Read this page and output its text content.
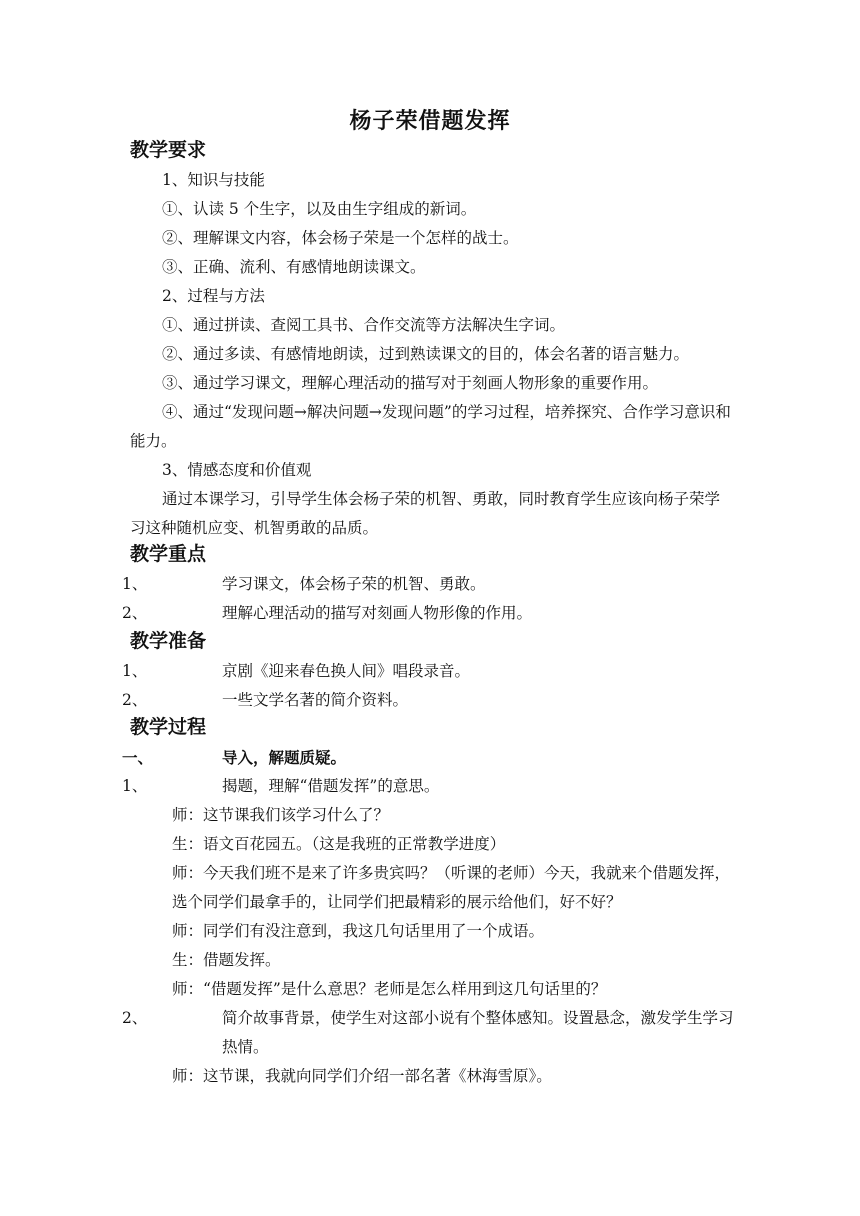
杨子荣借题发挥
教学要求
1、知识与技能
①、认读 5 个生字，以及由生字组成的新词。
②、理解课文内容，体会杨子荣是一个怎样的战士。
③、正确、流利、有感情地朗读课文。
2、过程与方法
①、通过拼读、查阅工具书、合作交流等方法解决生字词。
②、通过多读、有感情地朗读，过到熟读课文的目的，体会名著的语言魅力。
③、通过学习课文，理解心理活动的描写对于刻画人物形象的重要作用。
④、通过“发现问题→解决问题→发现问题”的学习过程，培养探究、合作学习意识和能力。
3、情感态度和价值观
通过本课学习，引导学生体会杨子荣的机智、勇敢，同时教育学生应该向杨子荣学习这种随机应变、机智勇敢的品质。
教学重点
1、	学习课文，体会杨子荣的机智、勇敢。
2、	理解心理活动的描写对刻画人物形像的作用。
教学准备
1、	京剧《迎来春色换人间》唱段录音。
2、	一些文学名著的简介资料。
教学过程
一、	导入，解题质疑。
1、	揭题，理解“借题发挥”的意思。
师：这节课我们该学习什么了？
生：语文百花园五。（这是我班的正常教学进度）
师：今天我们班不是来了许多贵宾吗？（听课的老师）今天，我就来个借题发挥，选个同学们最拿手的，让同学们把最精彩的展示给他们，好不好？
师：同学们有没注意到，我这几句话里用了一个成语。
生：借题发挥。
师：“借题发挥”是什么意思？老师是怎么样用到这几句话里的？
2、	简介故事背景，使学生对这部小说有个整体感知。设置悬念，激发学生学习热情。
师：这节课，我就向同学们介绍一部名著《林海雪原》。
